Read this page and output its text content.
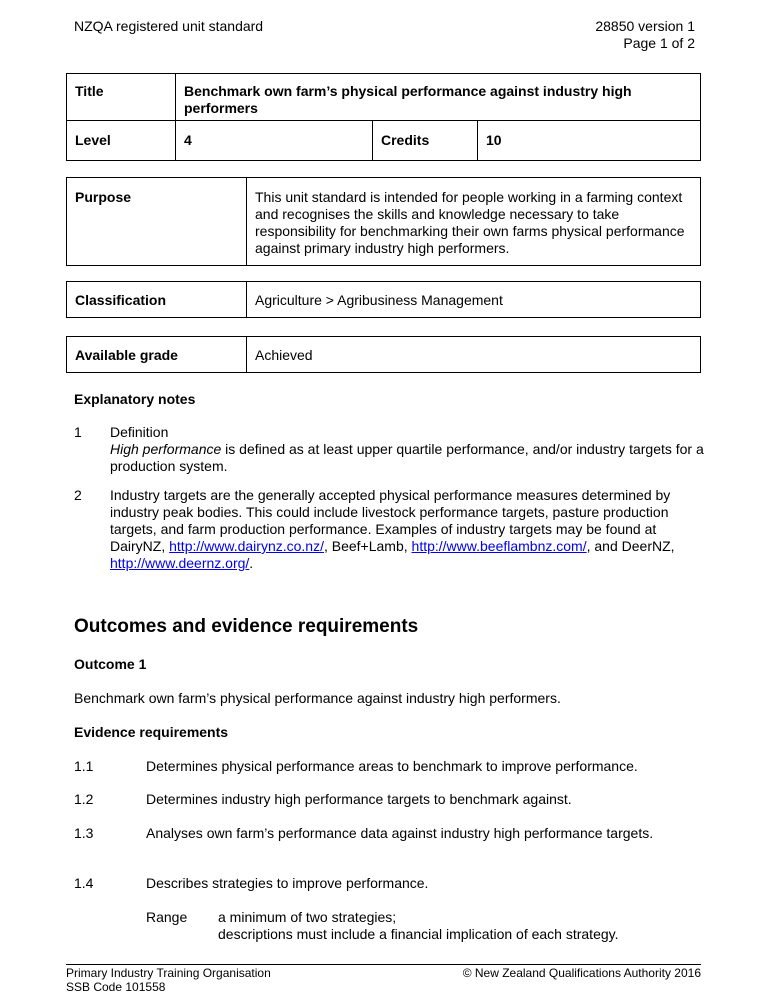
NZQA registered unit standard	28850 version 1
Page 1 of 2
Title	Benchmark own farm’s physical performance against industry high performers		
Level	4	Credits	10
Purpose	This unit standard is intended for people working in a farming context and recognises the skills and knowledge necessary to take responsibility for benchmarking their own farms physical performance against primary industry high performers.
Classification	Agriculture > Agribusiness Management
Available grade	Achieved
Explanatory notes
1 Definition
High performance is defined as at least upper quartile performance, and/or industry targets for a production system.
2 Industry targets are the generally accepted physical performance measures determined by industry peak bodies. This could include livestock performance targets, pasture production targets, and farm production performance. Examples of industry targets may be found at DairyNZ, http://www.dairynz.co.nz/, Beef+Lamb, http://www.beeflambnz.com/, and DeerNZ, http://www.deernz.org/.
Outcomes and evidence requirements
Outcome 1
Benchmark own farm’s physical performance against industry high performers.
Evidence requirements
1.1	Determines physical performance areas to benchmark to improve performance.
1.2	Determines industry high performance targets to benchmark against.
1.3	Analyses own farm’s performance data against industry high performance targets.
1.4	Describes strategies to improve performance.
Range a minimum of two strategies;
descriptions must include a financial implication of each strategy.
Primary Industry Training Organisation
SSB Code 101558
© New Zealand Qualifications Authority 2016
